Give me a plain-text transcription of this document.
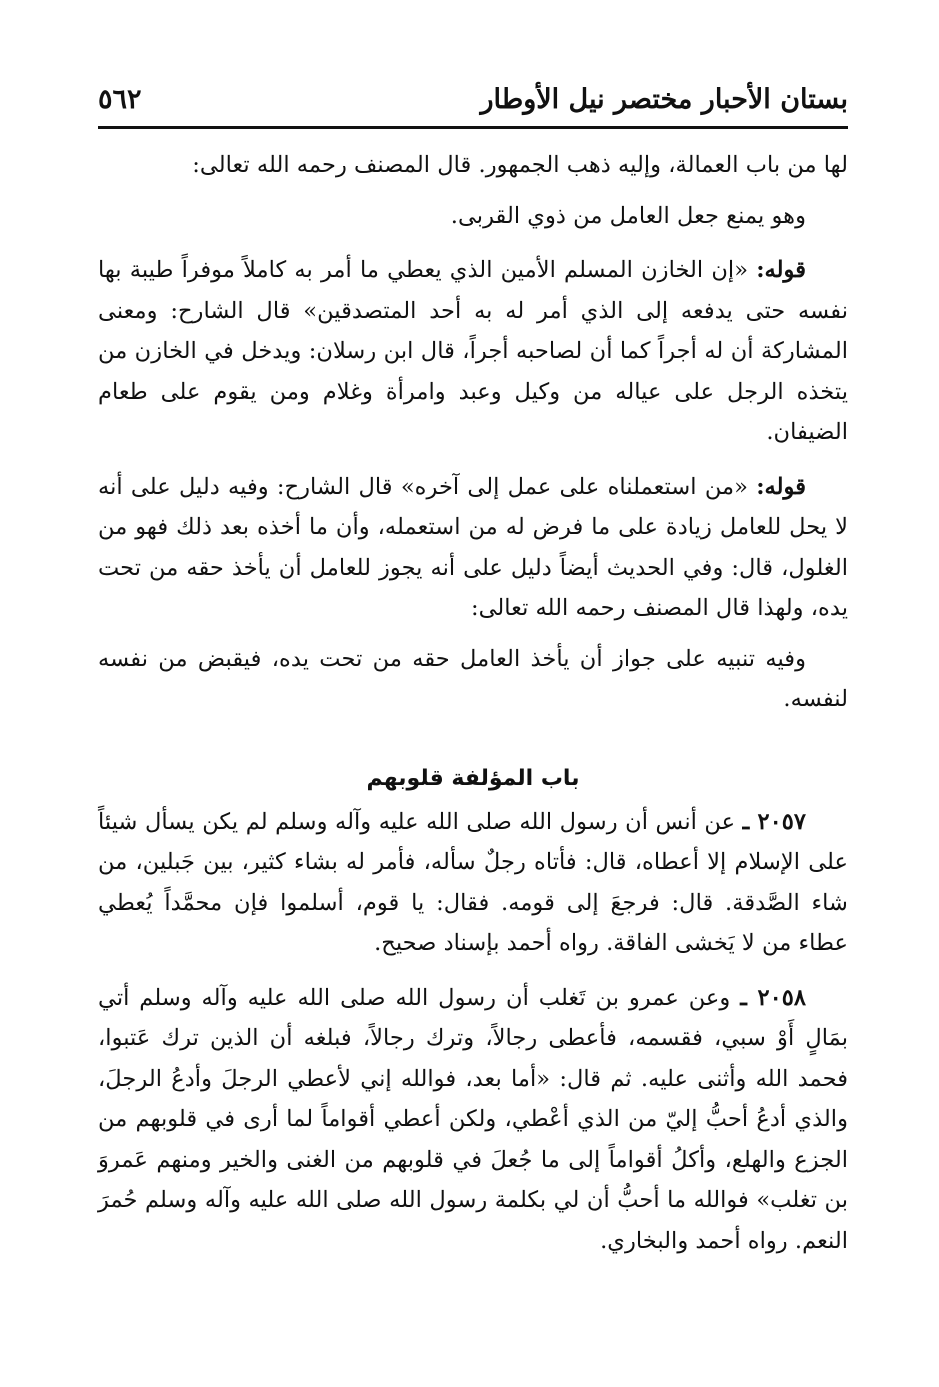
بستان الأحبار مختصر نيل الأوطار
٥٦٢

لها من باب العمالة، وإليه ذهب الجمهور. قال المصنف رحمه الله تعالى:

وهو يمنع جعل العامل من ذوي القربى.

قوله: «إن الخازن المسلم الأمين الذي يعطي ما أمر به كاملاً موفراً طيبة بها نفسه حتى يدفعه إلى الذي أمر له به أحد المتصدقين» قال الشارح: ومعنى المشاركة أن له أجراً كما أن لصاحبه أجراً، قال ابن رسلان: ويدخل في الخازن من يتخذه الرجل على عياله من وكيل وعبد وامرأة وغلام ومن يقوم على طعام الضيفان.

قوله: «من استعملناه على عمل إلى آخره» قال الشارح: وفيه دليل على أنه لا يحل للعامل زيادة على ما فرض له من استعمله، وأن ما أخذه بعد ذلك فهو من الغلول، قال: وفي الحديث أيضاً دليل على أنه يجوز للعامل أن يأخذ حقه من تحت يده، ولهذا قال المصنف رحمه الله تعالى:

وفيه تنبيه على جواز أن يأخذ العامل حقه من تحت يده، فيقبض من نفسه لنفسه.

باب المؤلفة قلوبهم

٢٠٥٧ ـ عن أنس أن رسول الله صلى الله عليه وآله وسلم لم يكن يسأل شيئاً على الإسلام إلا أعطاه، قال: فأتاه رجلٌ سأله، فأمر له بشاء كثير، بين جَبلين، من شاء الصَّدقة. قال: فرجعَ إلى قومه. فقال: يا قوم، أسلموا فإن محمَّداً يُعطي عطاء من لا يَخشى الفاقة. رواه أحمد بإسناد صحيح.

٢٠٥٨ ـ وعن عمرو بن تَغلب أن رسول الله صلى الله عليه وآله وسلم أتي بمَالٍ أَوْ سبي، فقسمه، فأعطى رجالاً، وترك رجالاً، فبلغه أن الذين ترك عَتبوا، فحمد الله وأثنى عليه. ثم قال: «أما بعد، فوالله إني لأعطي الرجلَ وأدعُ الرجلَ، والذي أدعُ أحبُّ إليّ من الذي أعْطي، ولكن أعطي أقواماً لما أرى في قلوبهم من الجزع والهلع، وأكلُ أقواماً إلى ما جُعلَ في قلوبهم من الغنى والخير ومنهم عَمروَ بن تغلب» فوالله ما أحبُّ أن لي بكلمة رسول الله صلى الله عليه وآله وسلم حُمرَ النعم. رواه أحمد والبخاري.
